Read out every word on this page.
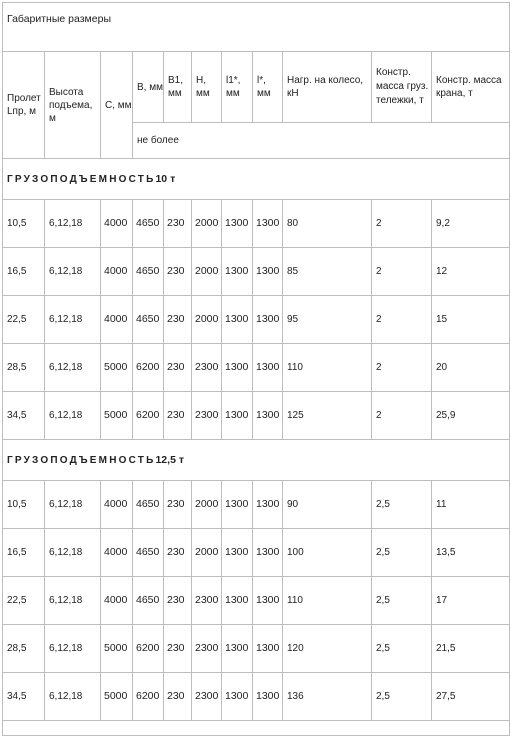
Габаритные размеры										
Пролет Lпр, м	Высота подъема, м	C, мм	B, мм	B1, мм	H, мм	l1*, мм	l*, мм	Нагр. на колесо, кН	Констр. масса груз. тележки, т	Констр. масса крана, т
			не более							
ГРУЗОПОДЪЕМНОСТЬ10 т										
10,5	6,12,18	4000	4650	230	2000	1300	1300	80	2	9,2
16,5	6,12,18	4000	4650	230	2000	1300	1300	85	2	12
22,5	6,12,18	4000	4650	230	2000	1300	1300	95	2	15
28,5	6,12,18	5000	6200	230	2300	1300	1300	110	2	20
34,5	6,12,18	5000	6200	230	2300	1300	1300	125	2	25,9
ГРУЗОПОДЪЕМНОСТЬ12,5 т										
10,5	6,12,18	4000	4650	230	2000	1300	1300	90	2,5	11
16,5	6,12,18	4000	4650	230	2000	1300	1300	100	2,5	13,5
22,5	6,12,18	4000	4650	230	2300	1300	1300	110	2,5	17
28,5	6,12,18	5000	6200	230	2300	1300	1300	120	2,5	21,5
34,5	6,12,18	5000	6200	230	2300	1300	1300	136	2,5	27,5
